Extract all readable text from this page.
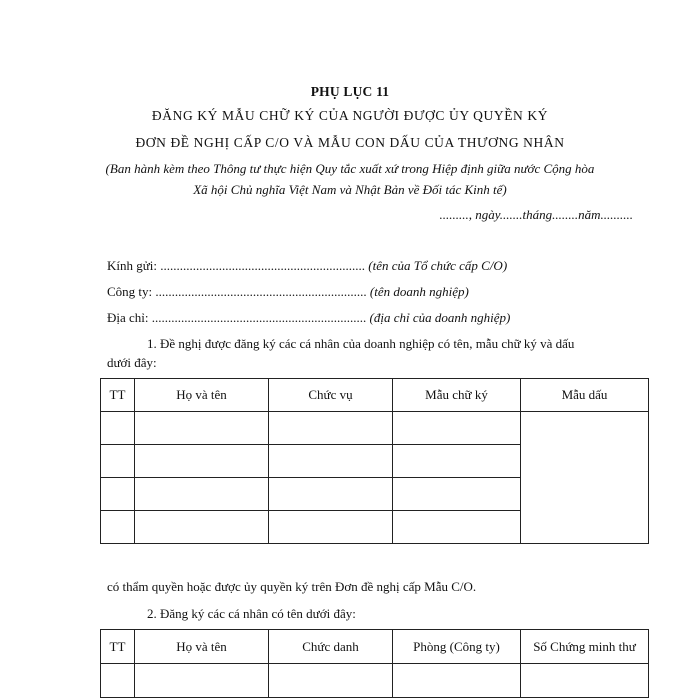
PHỤ LỤC 11
ĐĂNG KÝ MẪU CHỮ KÝ CỦA NGƯỜI ĐƯỢC ỦY QUYỀN KÝ
ĐƠN ĐỀ NGHỊ CẤP C/O VÀ MẪU CON DẤU CỦA THƯƠNG NHÂN
(Ban hành kèm theo Thông tư thực hiện Quy tắc xuất xứ trong Hiệp định giữa nước Cộng hòa
Xã hội Chủ nghĩa Việt Nam và Nhật Bản về Đối tác Kinh tế)
........., ngày.......tháng........năm..........
Kính gửi: ............................................................... (tên của Tổ chức cấp C/O)
Công ty: ................................................................. (tên doanh nghiệp)
Địa chỉ: .................................................................. (địa chỉ của doanh nghiệp)
1. Đề nghị được đăng ký các cá nhân của doanh nghiệp có tên, mẫu chữ ký và dấu
dưới đây:
TT	Họ và tên	Chức vụ	Mẫu chữ ký	Mẫu dấu

có thẩm quyền hoặc được ủy quyền ký trên Đơn đề nghị cấp Mẫu C/O.
2. Đăng ký các cá nhân có tên dưới đây:
TT	Họ và tên	Chức danh	Phòng (Công ty)	Số Chứng minh thư
